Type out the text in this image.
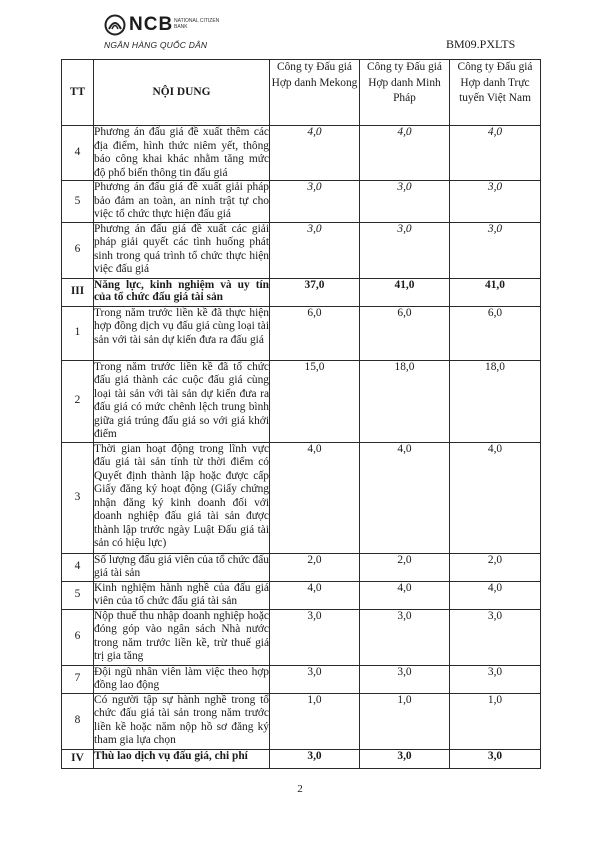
NCB NATIONAL CITIZEN BANK
NGÂN HÀNG QUỐC DÂN	BM09.PXLTS
TT	NỘI DUNG	Công ty Đấu giá Hợp danh Mekong	Công ty Đấu giá Hợp danh Minh Pháp	Công ty Đấu giá Hợp danh Trực tuyến Việt Nam
4	Phương án đấu giá đề xuất thêm các địa điểm, hình thức niêm yết, thông báo công khai khác nhằm tăng mức độ phổ biến thông tin đấu giá	4,0	4,0	4,0
5	Phương án đấu giá đề xuất giải pháp bảo đảm an toàn, an ninh trật tự cho việc tổ chức thực hiện đấu giá	3,0	3,0	3,0
6	Phương án đấu giá đề xuất các giải pháp giải quyết các tình huống phát sinh trong quá trình tổ chức thực hiện việc đấu giá	3,0	3,0	3,0
III	Năng lực, kinh nghiệm và uy tín của tổ chức đấu giá tài sản	37,0	41,0	41,0
1	Trong năm trước liền kề đã thực hiện hợp đồng dịch vụ đấu giá cùng loại tài sản với tài sản dự kiến đưa ra đấu giá	6,0	6,0	6,0
2	Trong năm trước liền kề đã tổ chức đấu giá thành các cuộc đấu giá cùng loại tài sản với tài sản dự kiến đưa ra đấu giá có mức chênh lệch trung bình giữa giá trúng đấu giá so với giá khởi điểm	15,0	18,0	18,0
3	Thời gian hoạt động trong lĩnh vực đấu giá tài sản tính từ thời điểm có Quyết định thành lập hoặc được cấp Giấy đăng ký hoạt động (Giấy chứng nhận đăng ký kinh doanh đối với doanh nghiệp đấu giá tài sản được thành lập trước ngày Luật Đấu giá tài sản có hiệu lực)	4,0	4,0	4,0
4	Số lượng đấu giá viên của tổ chức đấu giá tài sản	2,0	2,0	2,0
5	Kinh nghiệm hành nghề của đấu giá viên của tổ chức đấu giá tài sản	4,0	4,0	4,0
6	Nộp thuế thu nhập doanh nghiệp hoặc đóng góp vào ngân sách Nhà nước trong năm trước liền kề, trừ thuế giá trị gia tăng	3,0	3,0	3,0
7	Đội ngũ nhân viên làm việc theo hợp đồng lao động	3,0	3,0	3,0
8	Có người tập sự hành nghề trong tổ chức đấu giá tài sản trong năm trước liền kề hoặc năm nộp hồ sơ đăng ký tham gia lựa chọn	1,0	1,0	1,0
IV	Thù lao dịch vụ đấu giá, chi phí	3,0	3,0	3,0
2
